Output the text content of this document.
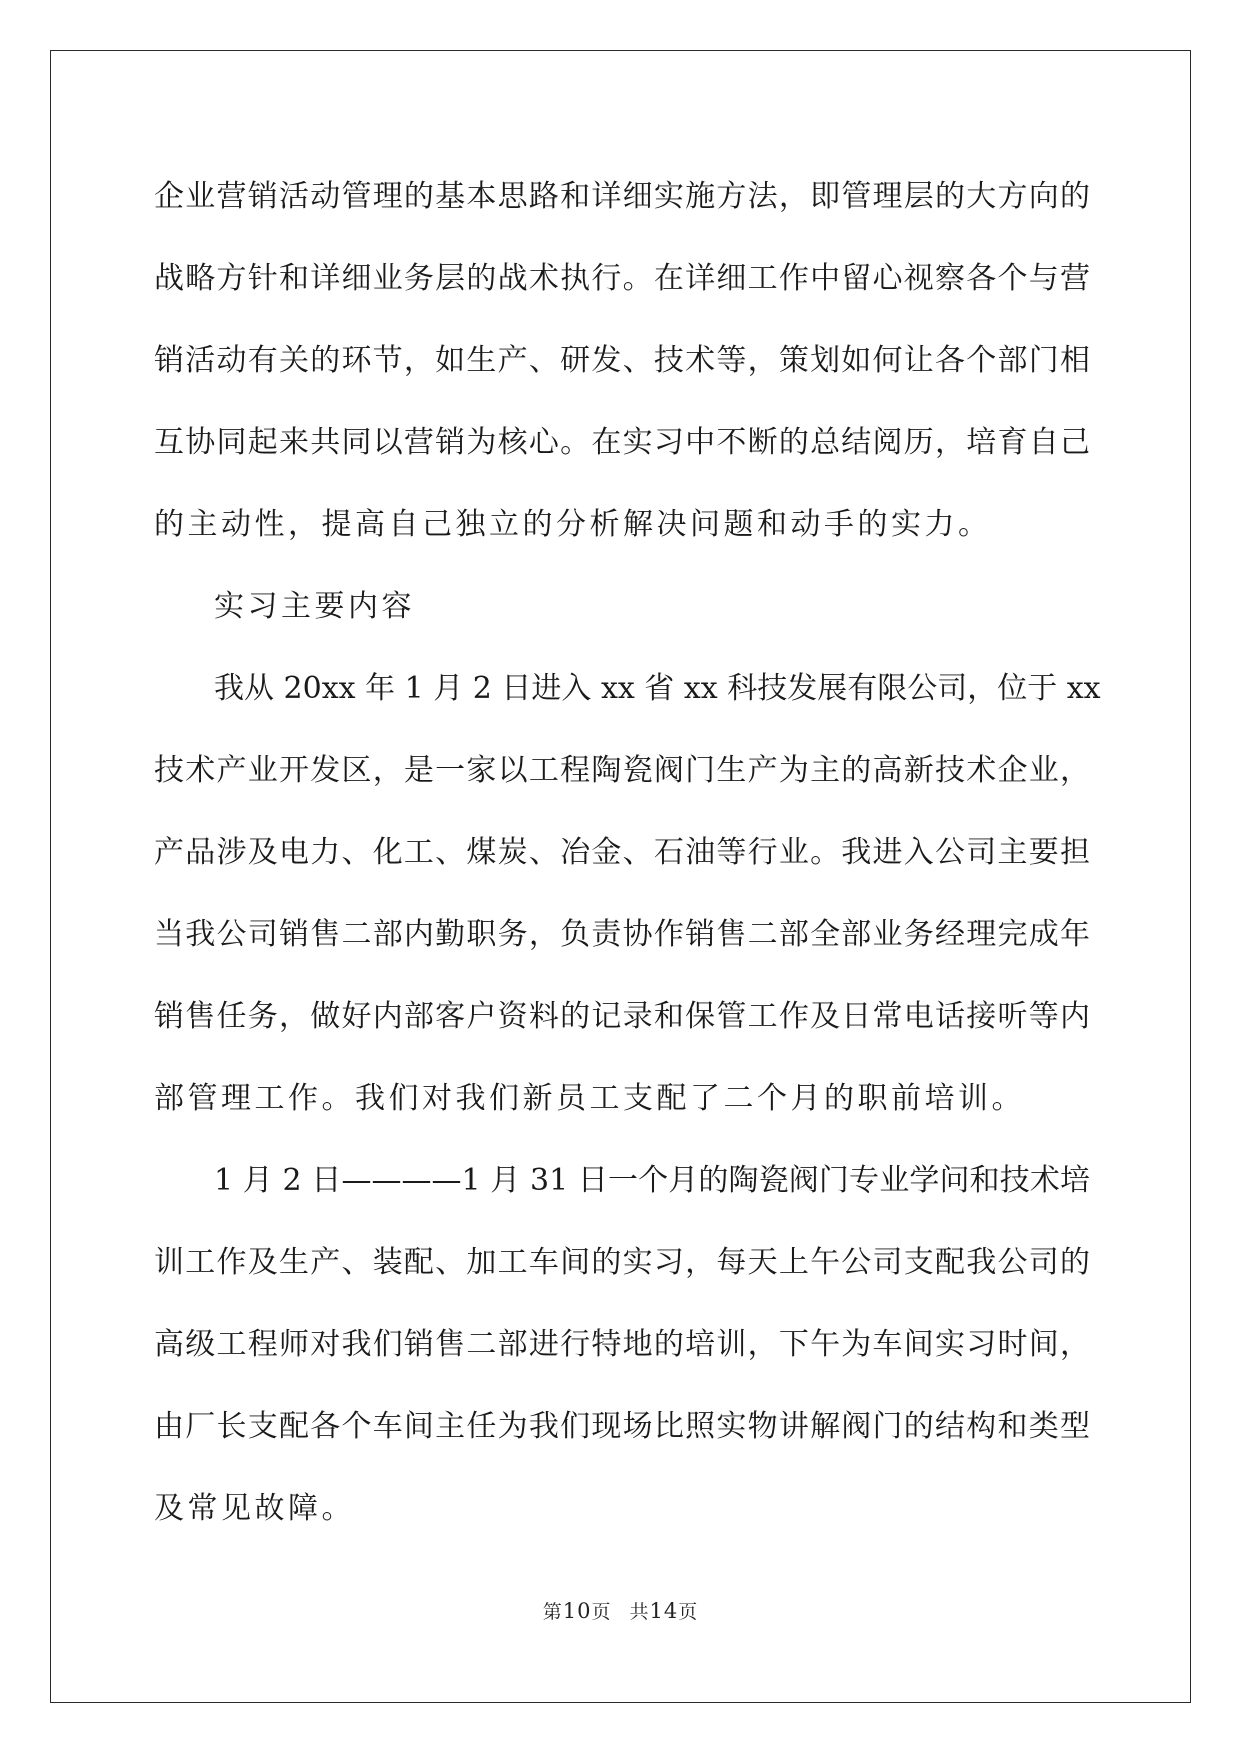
企业营销活动管理的基本思路和详细实施方法，即管理层的大方向的
战略方针和详细业务层的战术执行。在详细工作中留心视察各个与营
销活动有关的环节，如生产、研发、技术等，策划如何让各个部门相
互协同起来共同以营销为核心。在实习中不断的总结阅历，培育自己
的主动性，提高自己独立的分析解决问题和动手的实力。
实习主要内容
我从 20xx 年 1 月 2 日进入 xx 省 xx 科技发展有限公司，位于 xx
技术产业开发区，是一家以工程陶瓷阀门生产为主的高新技术企业，
产品涉及电力、化工、煤炭、冶金、石油等行业。我进入公司主要担
当我公司销售二部内勤职务，负责协作销售二部全部业务经理完成年
销售任务，做好内部客户资料的记录和保管工作及日常电话接听等内
部管理工作。我们对我们新员工支配了二个月的职前培训。
1 月 2 日————1 月 31 日一个月的陶瓷阀门专业学问和技术培
训工作及生产、装配、加工车间的实习，每天上午公司支配我公司的
高级工程师对我们销售二部进行特地的培训，下午为车间实习时间，
由厂长支配各个车间主任为我们现场比照实物讲解阀门的结构和类型
及常见故障。
第10页 共14页
